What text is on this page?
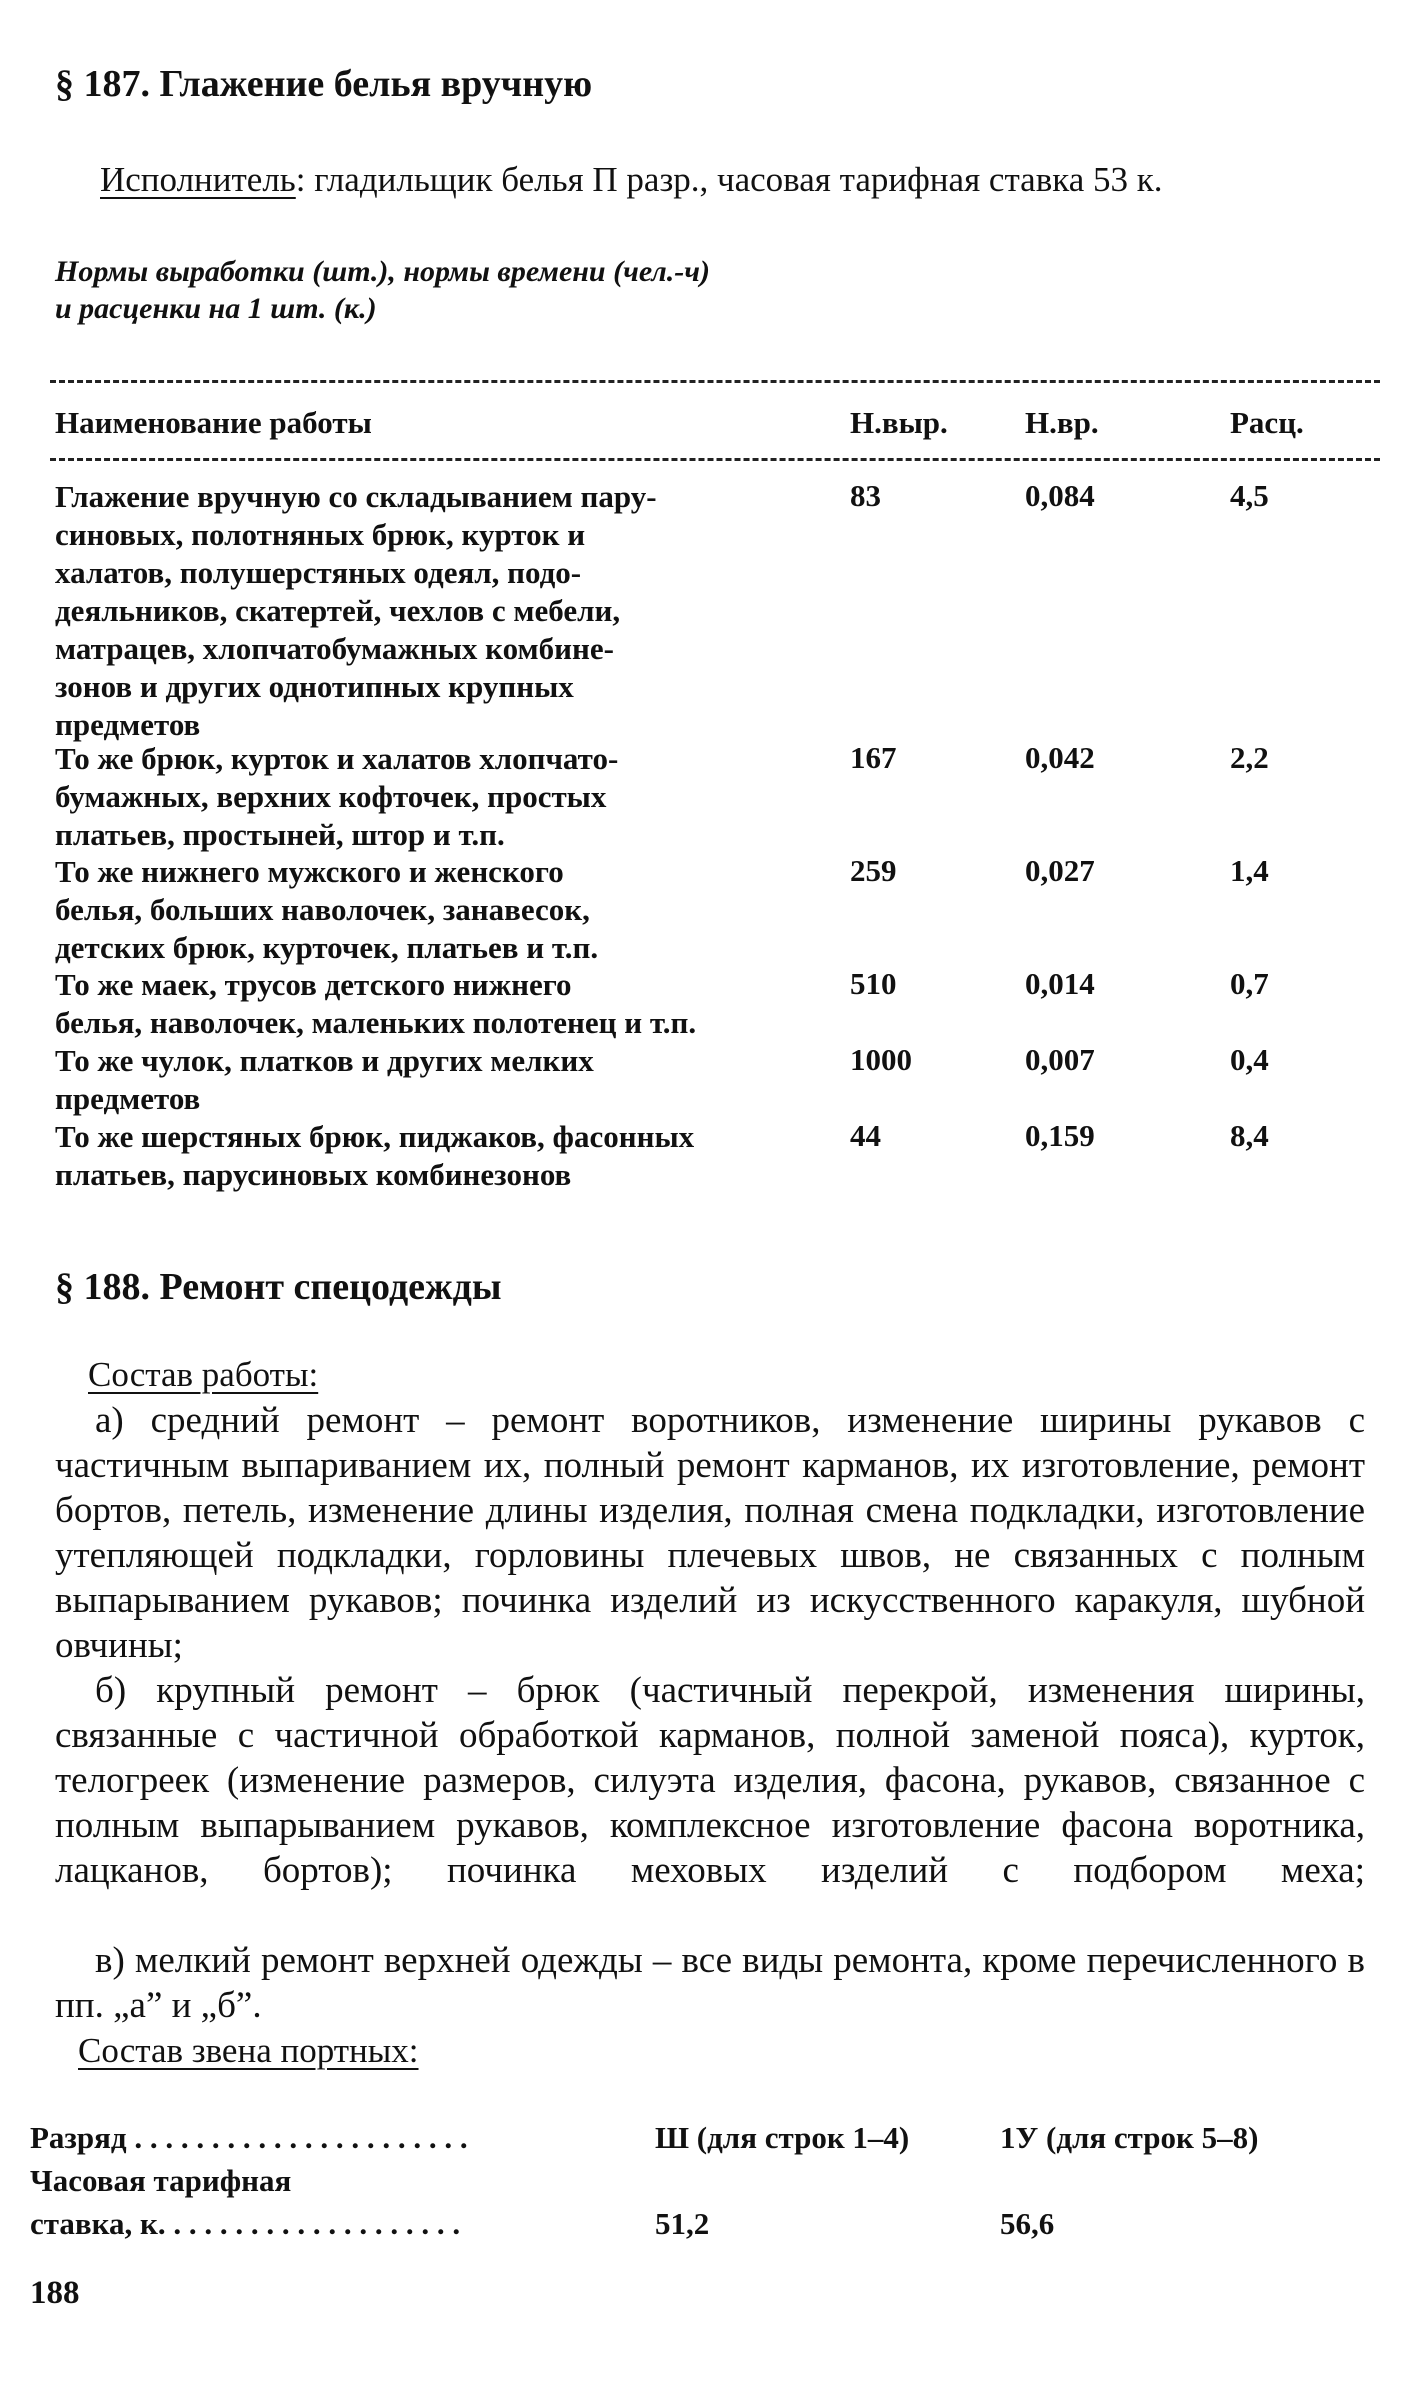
§ 187. Глажение белья вручную
Исполнитель: гладильщик белья П разр., часовая тарифная ставка 53 к.
Нормы выработки (шт.), нормы времени (чел.-ч)
и расценки на 1 шт. (к.)
Наименование работы	Н.выр. Н.вр.	Расц.
Глажение вручную со складыванием пару-
синовых, полотняных брюк, курток и
халатов, полушерстяных одеял, подо-
деяльников, скатертей, чехлов с мебели,
матрацев, хлопчатобумажных комбине-
зонов и других однотипных крупных
предметов
83	0,084	4,5
То же брюк, курток и халатов хлопчато-
бумажных, верхних кофточек, простых
платьев, простыней, штор и т.п.
167	0,042	2,2
То же нижнего мужского и женского
белья, больших наволочек, занавесок,
детских брюк, курточек, платьев и т.п.
259	0,027	1,4
То же маек, трусов детского нижнего
белья, наволочек, маленьких полотенец и т.п.
510	0,014	0,7
То же чулок, платков и других мелких
предметов
1000	0,007	0,4
То же шерстяных брюк, пиджаков, фасонных
платьев, парусиновых комбинезонов
44	0,159	8,4
§ 188. Ремонт спецодежды
Состав работы:
а) средний ремонт – ремонт воротников, изменение ширины рукавов с частичным выпариванием их, полный ремонт карманов, их изготовление, ремонт бортов, петель, изменение длины изделия, полная смена подкладки, изготовление утепляющей подкладки, горловины плечевых швов, не связанных с полным выпарыванием рукавов; починка изделий из искусственного каракуля, шубной овчины;
б) крупный ремонт – брюк (частичный перекрой, изменения ширины, связанные с частичной обработкой карманов, полной заменой пояса), курток, телогреек (изменение размеров, силуэта изделия, фасона, рукавов, связанное с полным выпарыванием рукавов, комплексное изготовление фасона воротника, лацканов, бортов); починка меховых изделий с подбором меха;
в) мелкий ремонт верхней одежды – все виды ремонта, кроме перечисленного в пп. „а” и „б”.
Состав звена портных:
Разряд . . . . . . . . . . . . . . . . . . . . . .	Ш (для строк 1–4)	1У (для строк 5–8)
Часовая тарифная
ставка, к. . . . . . . . . . . . . . . . . . . .	51,2	56,6
188
